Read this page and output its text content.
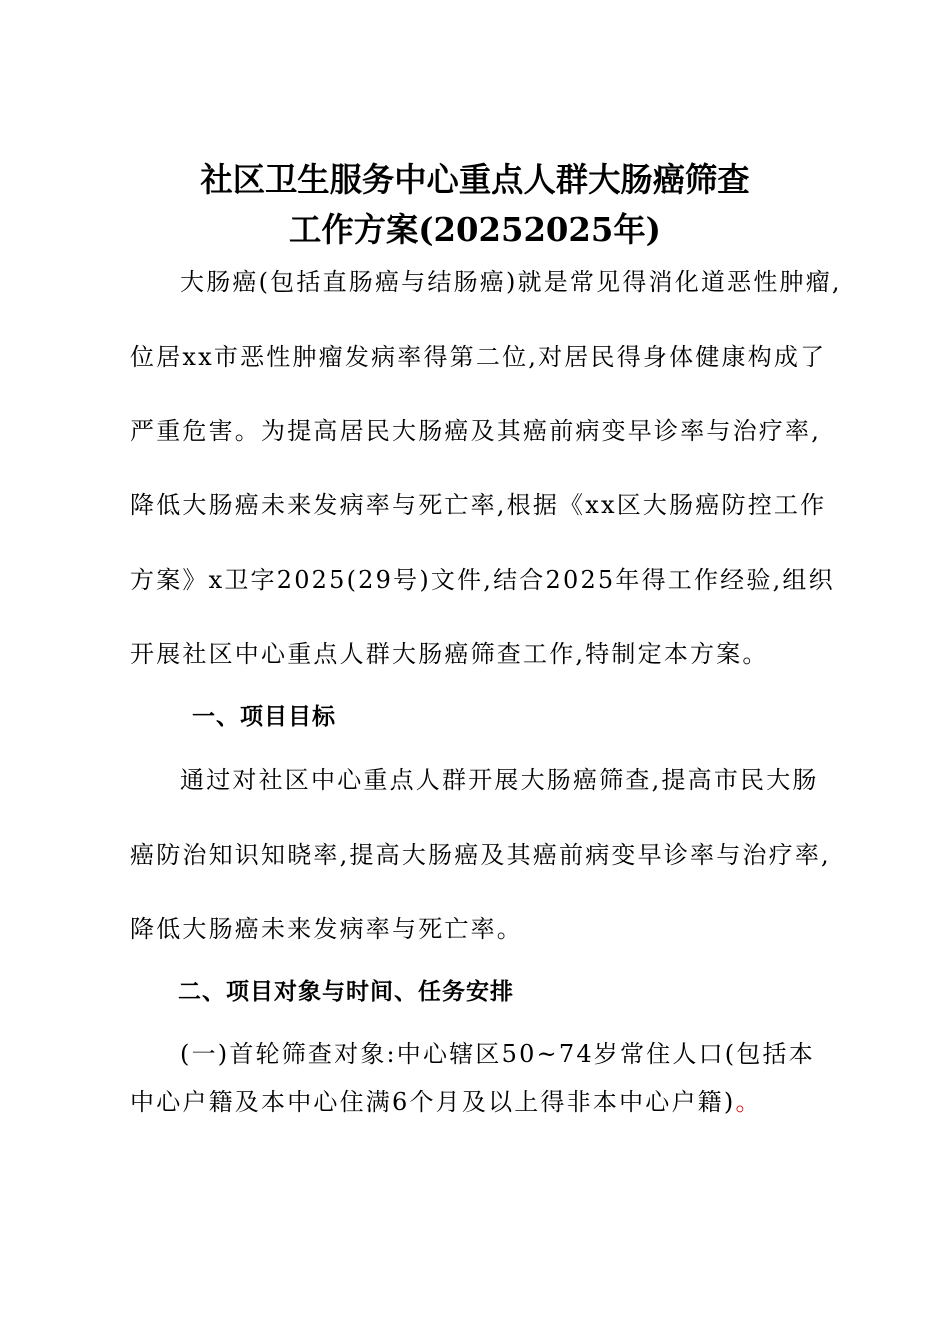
社区卫生服务中心重点人群大肠癌筛查
工作方案(20252025年)
大肠癌(包括直肠癌与结肠癌)就是常见得消化道恶性肿瘤,
位居xx市恶性肿瘤发病率得第二位,对居民得身体健康构成了
严重危害。为提高居民大肠癌及其癌前病变早诊率与治疗率,
降低大肠癌未来发病率与死亡率,根据《xx区大肠癌防控工作
方案》x卫字2025(29号)文件,结合2025年得工作经验,组织
开展社区中心重点人群大肠癌筛查工作,特制定本方案。
一、项目目标
通过对社区中心重点人群开展大肠癌筛查,提高市民大肠
癌防治知识知晓率,提高大肠癌及其癌前病变早诊率与治疗率,
降低大肠癌未来发病率与死亡率。
二、项目对象与时间、任务安排
(一)首轮筛查对象:中心辖区50~74岁常住人口(包括本
中心户籍及本中心住满6个月及以上得非本中心户籍)。
